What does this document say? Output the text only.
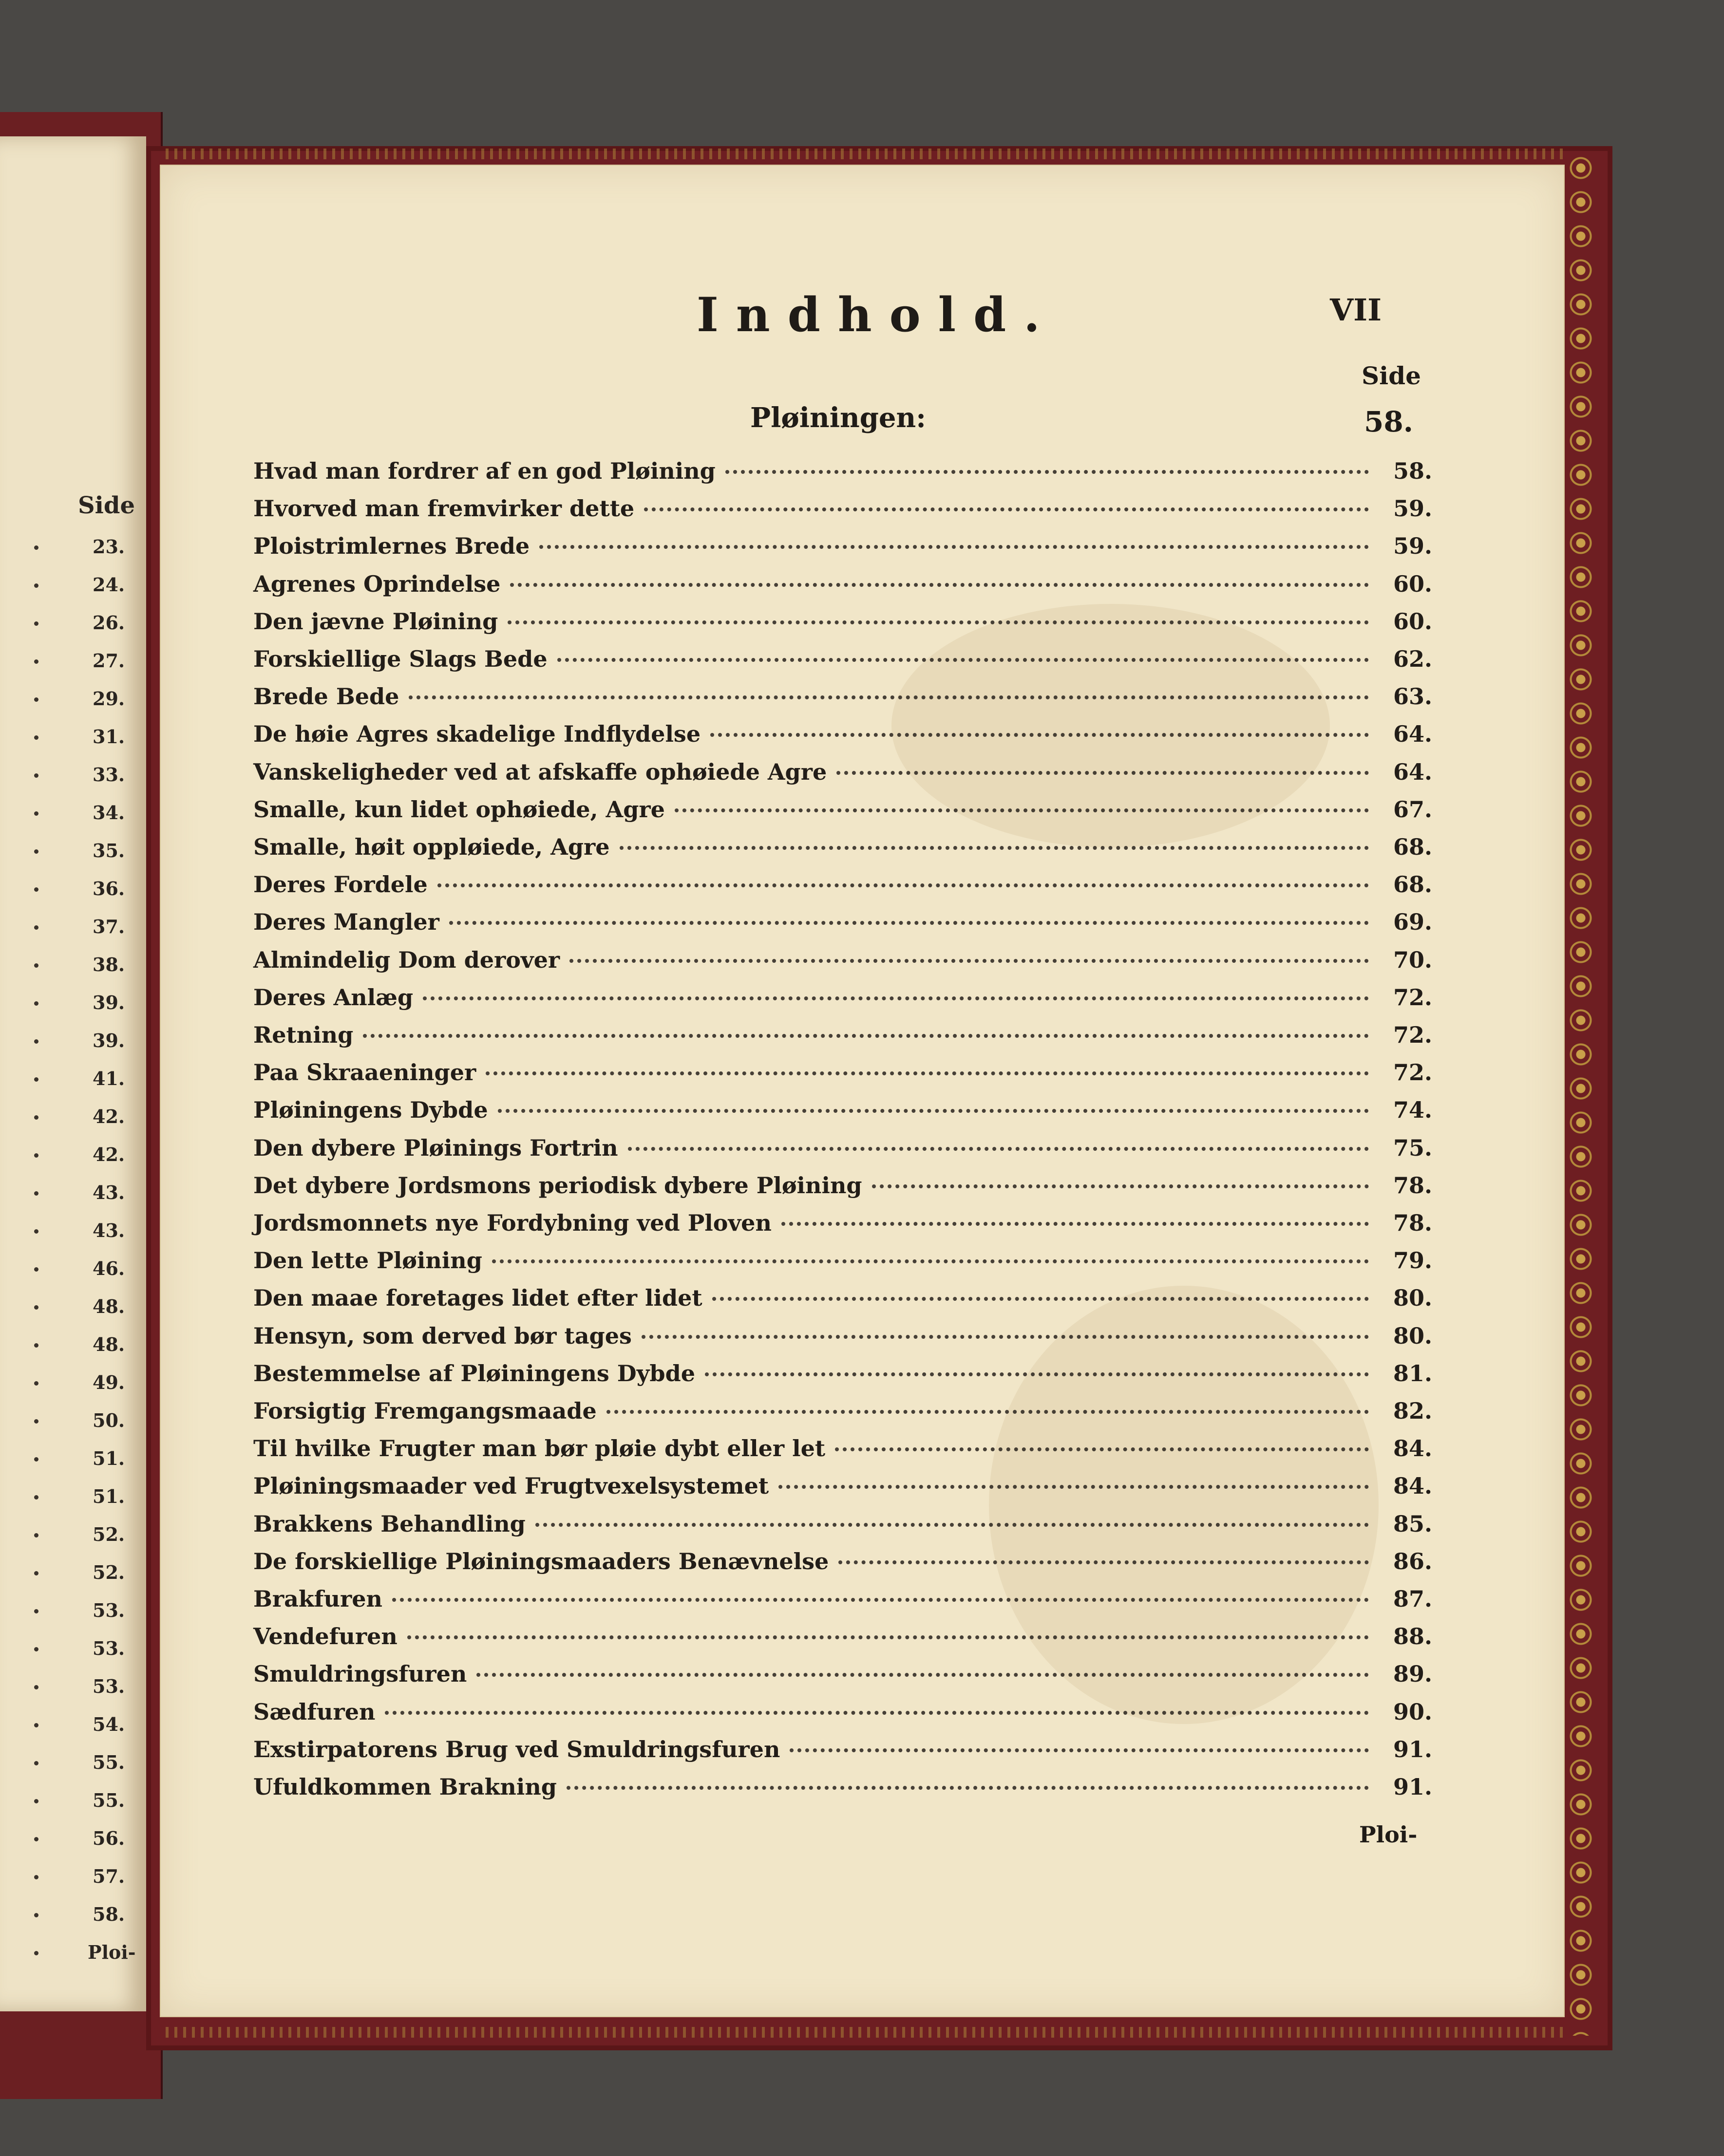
Side
23.
24.
26.
27.
29.
31.
33.
34.
35.
36.
37.
38.
39.
39.
41.
42.
42.
43.
43.
46.
48.
48.
49.
50.
51.
51.
52.
52.
53.
53.
53.
54.
55.
55.
56.
57.
58.
Ploi-
Indhold.	VII
Side
Pløiningen:	58.
Hvad man fordrer af en god Pløining	58.
Hvorved man fremvirker dette	59.
Ploistrimlernes Brede	59.
Agrenes Oprindelse	60.
Den jævne Pløining	60.
Forskiellige Slags Bede	62.
Brede Bede	63.
De høie Agres skadelige Indflydelse	64.
Vanskeligheder ved at afskaffe ophøiede Agre	64.
Smalle, kun lidet ophøiede, Agre	67.
Smalle, høit oppløiede, Agre	68.
Deres Fordele	68.
Deres Mangler	69.
Almindelig Dom derover	70.
Deres Anlæg	72.
Retning	72.
Paa Skraaeninger	72.
Pløiningens Dybde	74.
Den dybere Pløinings Fortrin	75.
Det dybere Jordsmons periodisk dybere Pløining	78.
Jordsmonnets nye Fordybning ved Ploven	78.
Den lette Pløining	79.
Den maae foretages lidet efter lidet	80.
Hensyn, som derved bør tages	80.
Bestemmelse af Pløiningens Dybde	81.
Forsigtig Fremgangsmaade	82.
Til hvilke Frugter man bør pløie dybt eller let	84.
Pløiningsmaader ved Frugtvexelsystemet	84.
Brakkens Behandling	85.
De forskiellige Pløiningsmaaders Benævnelse	86.
Brakfuren	87.
Vendefuren	88.
Smuldringsfuren	89.
Sædfuren	90.
Exstirpatorens Brug ved Smuldringsfuren	91.
Ufuldkommen Brakning	91.
Ploi-
